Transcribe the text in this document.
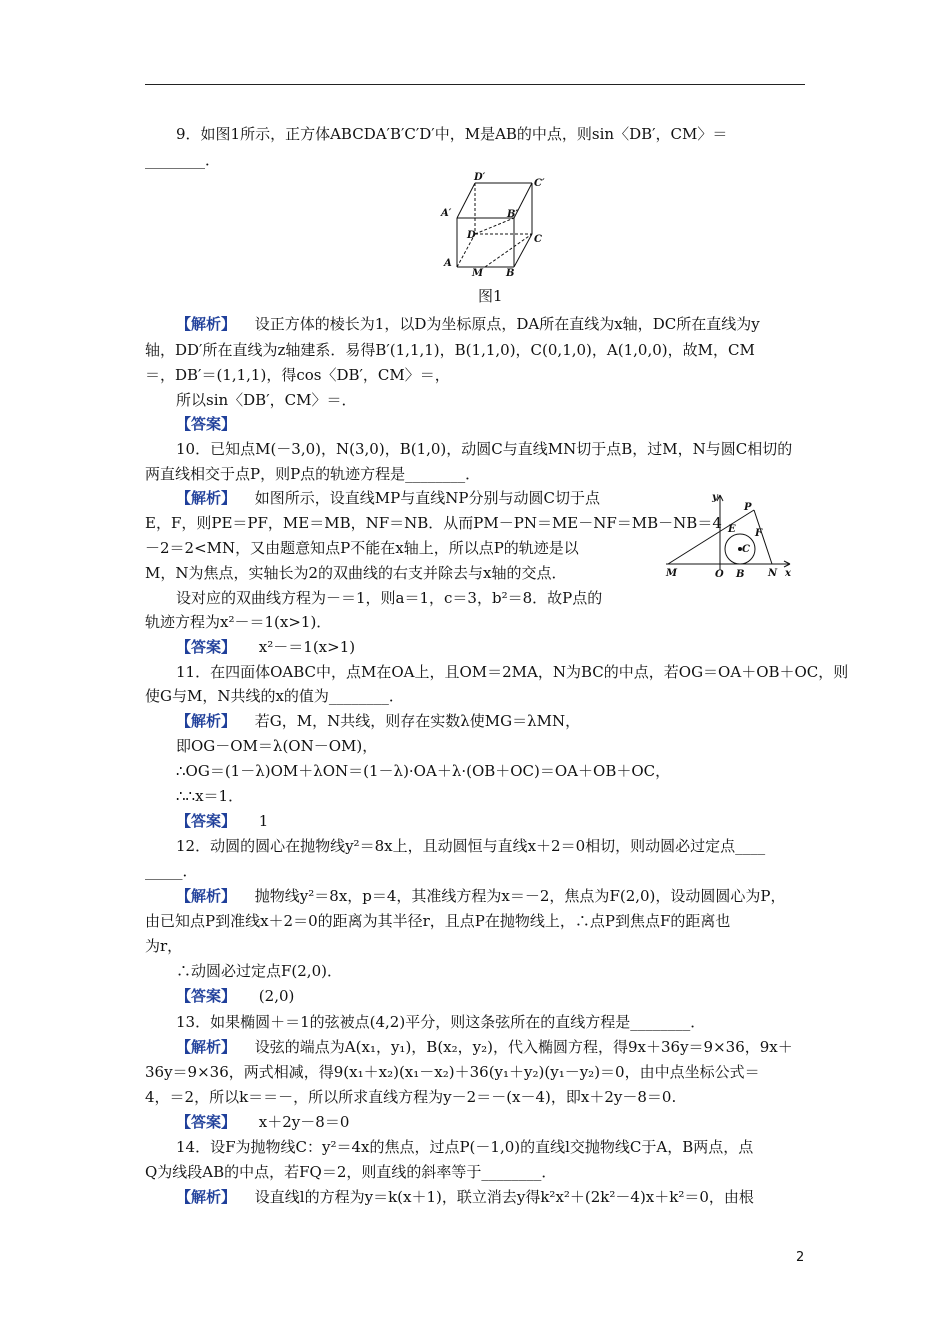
9．如图1所示，正方体ABCDA′B′C′D′中，M是AB的中点，则sin〈DB′，CM〉＝
________．
D′
C′
A′	B′
D	C
A
M B
图1
【解析】 设正方体的棱长为1，以D为坐标原点，DA所在直线为x轴，DC所在直线为y
轴，DD′所在直线为z轴建系．易得B′(1,1,1)，B(1,1,0)，C(0,1,0)，A(1,0,0)，故M，CM
＝，DB′＝(1,1,1)，得cos〈DB′，CM〉＝，
所以sin〈DB′，CM〉＝．
【答案】
10．已知点M(－3,0)，N(3,0)，B(1,0)，动圆C与直线MN切于点B，过M，N与圆C相切的
两直线相交于点P，则P点的轨迹方程是________．
【解析】 如图所示，设直线MP与直线NP分别与动圆C切于点
E，F，则PE＝PF，ME＝MB，NF＝NB．从而PM－PN＝ME－NF＝MB－NB＝4
－2＝2<MN，又由题意知点P不能在x轴上，所以点P的轨迹是以
M，N为焦点，实轴长为2的双曲线的右支并除去与x轴的交点．
y
P
E F
C
M	O B N x
设对应的双曲线方程为－＝1，则a＝1，c＝3，b²＝8．故P点的
轨迹方程为x²－＝1(x>1)．
【答案】 x²－＝1(x>1)
11．在四面体OABC中，点M在OA上，且OM＝2MA，N为BC的中点，若OG＝OA＋OB＋OC，则
使G与M，N共线的x的值为________．
【解析】 若G，M，N共线，则存在实数λ使MG＝λMN，
即OG－OM＝λ(ON－OM)，
∴OG＝(1－λ)OM＋λON＝(1－λ)·OA＋λ·(OB＋OC)＝OA＋OB＋OC，
∴∴x＝1．
【答案】 1
12．动圆的圆心在抛物线y²＝8x上，且动圆恒与直线x＋2＝0相切，则动圆必过定点____
_____．
【解析】 抛物线y²＝8x，p＝4，其准线方程为x＝－2，焦点为F(2,0)，设动圆圆心为P，
由已知点P到准线x＋2＝0的距离为其半径r，且点P在抛物线上，∴点P到焦点F的距离也
为r，
∴动圆必过定点F(2,0)．
【答案】 (2,0)
13．如果椭圆＋＝1的弦被点(4,2)平分，则这条弦所在的直线方程是________．
【解析】 设弦的端点为A(x₁，y₁)，B(x₂，y₂)，代入椭圆方程，得9x＋36y＝9×36，9x＋
36y＝9×36，两式相减，得9(x₁＋x₂)(x₁－x₂)＋36(y₁＋y₂)(y₁－y₂)＝0，由中点坐标公式＝
4，＝2，所以k＝＝－，所以所求直线方程为y－2＝－(x－4)，即x＋2y－8＝0.
【答案】 x＋2y－8＝0
14．设F为抛物线C：y²＝4x的焦点，过点P(－1,0)的直线l交抛物线C于A，B两点，点
Q为线段AB的中点，若FQ＝2，则直线的斜率等于________．
【解析】 设直线l的方程为y＝k(x＋1)，联立消去y得k²x²＋(2k²－4)x＋k²＝0，由根
2
